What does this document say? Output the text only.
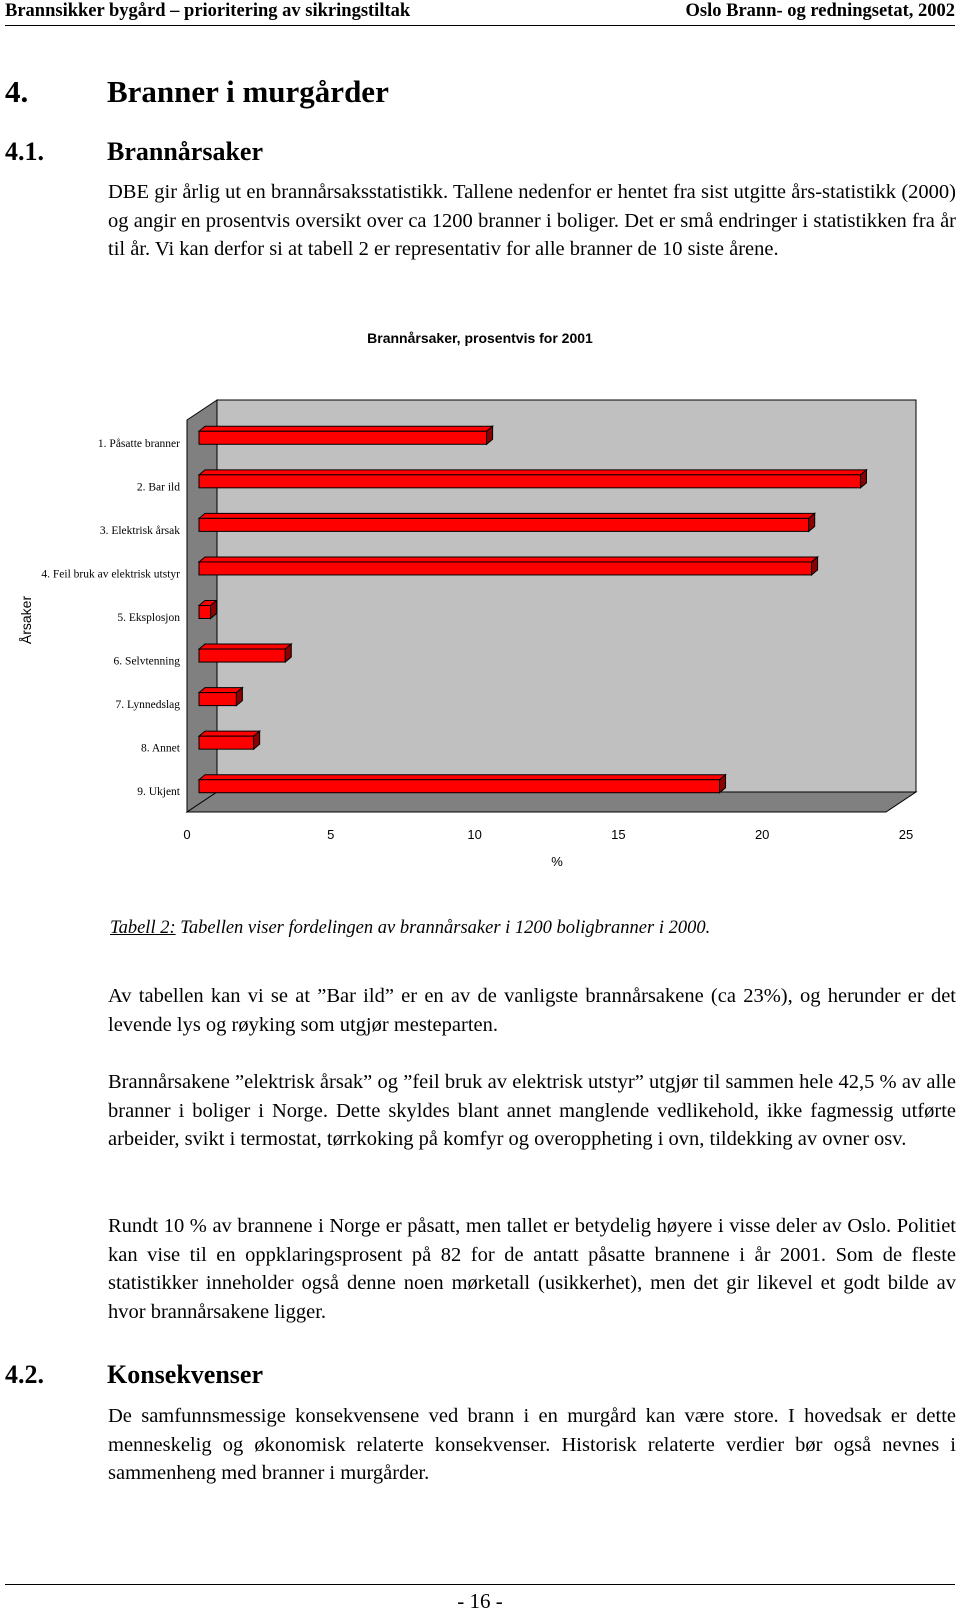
Brannsikker bygård – prioritering av sikringstiltak	Oslo Brann- og redningsetat, 2002
4.	Branner i murgårder
4.1. Brannårsaker
DBE gir årlig ut en brannårsaksstatistikk. Tallene nedenfor er hentet fra sist utgitte års-statistikk (2000) og angir en prosentvis oversikt over ca 1200 branner i boliger. Det er små endringer i statistikken fra år til år. Vi kan derfor si at tabell 2 er representativ for alle branner de 10 siste årene.
Brannårsaker, prosentvis for 2001
Årsaker
%
0	5	10	15	20	25
1. Påsatte branner
2. Bar ild
3. Elektrisk årsak
4. Feil bruk av elektrisk utstyr
5. Eksplosjon
6. Selvtenning
7. Lynnedslag
8. Annet
9. Ukjent
Tabell 2: Tabellen viser fordelingen av brannårsaker i 1200 boligbranner i 2000.
Av tabellen kan vi se at ”Bar ild” er en av de vanligste brannårsakene (ca 23%), og herunder er det levende lys og røyking som utgjør mesteparten.
Brannårsakene ”elektrisk årsak” og ”feil bruk av elektrisk utstyr” utgjør til sammen hele 42,5 % av alle branner i boliger i Norge. Dette skyldes blant annet manglende vedlikehold, ikke fagmessig utførte arbeider, svikt i termostat, tørrkoking på komfyr og overoppheting i ovn, tildekking av ovner osv.
Rundt 10 % av brannene i Norge er påsatt, men tallet er betydelig høyere i visse deler av Oslo. Politiet kan vise til en oppklaringsprosent på 82 for de antatt påsatte brannene i år 2001. Som de fleste statistikker inneholder også denne noen mørketall (usikkerhet), men det gir likevel et godt bilde av hvor brannårsakene ligger.
4.2. Konsekvenser
De samfunnsmessige konsekvensene ved brann i en murgård kan være store. I hovedsak er dette menneskelig og økonomisk relaterte konsekvenser. Historisk relaterte verdier bør også nevnes i sammenheng med branner i murgårder.
- 16 -
